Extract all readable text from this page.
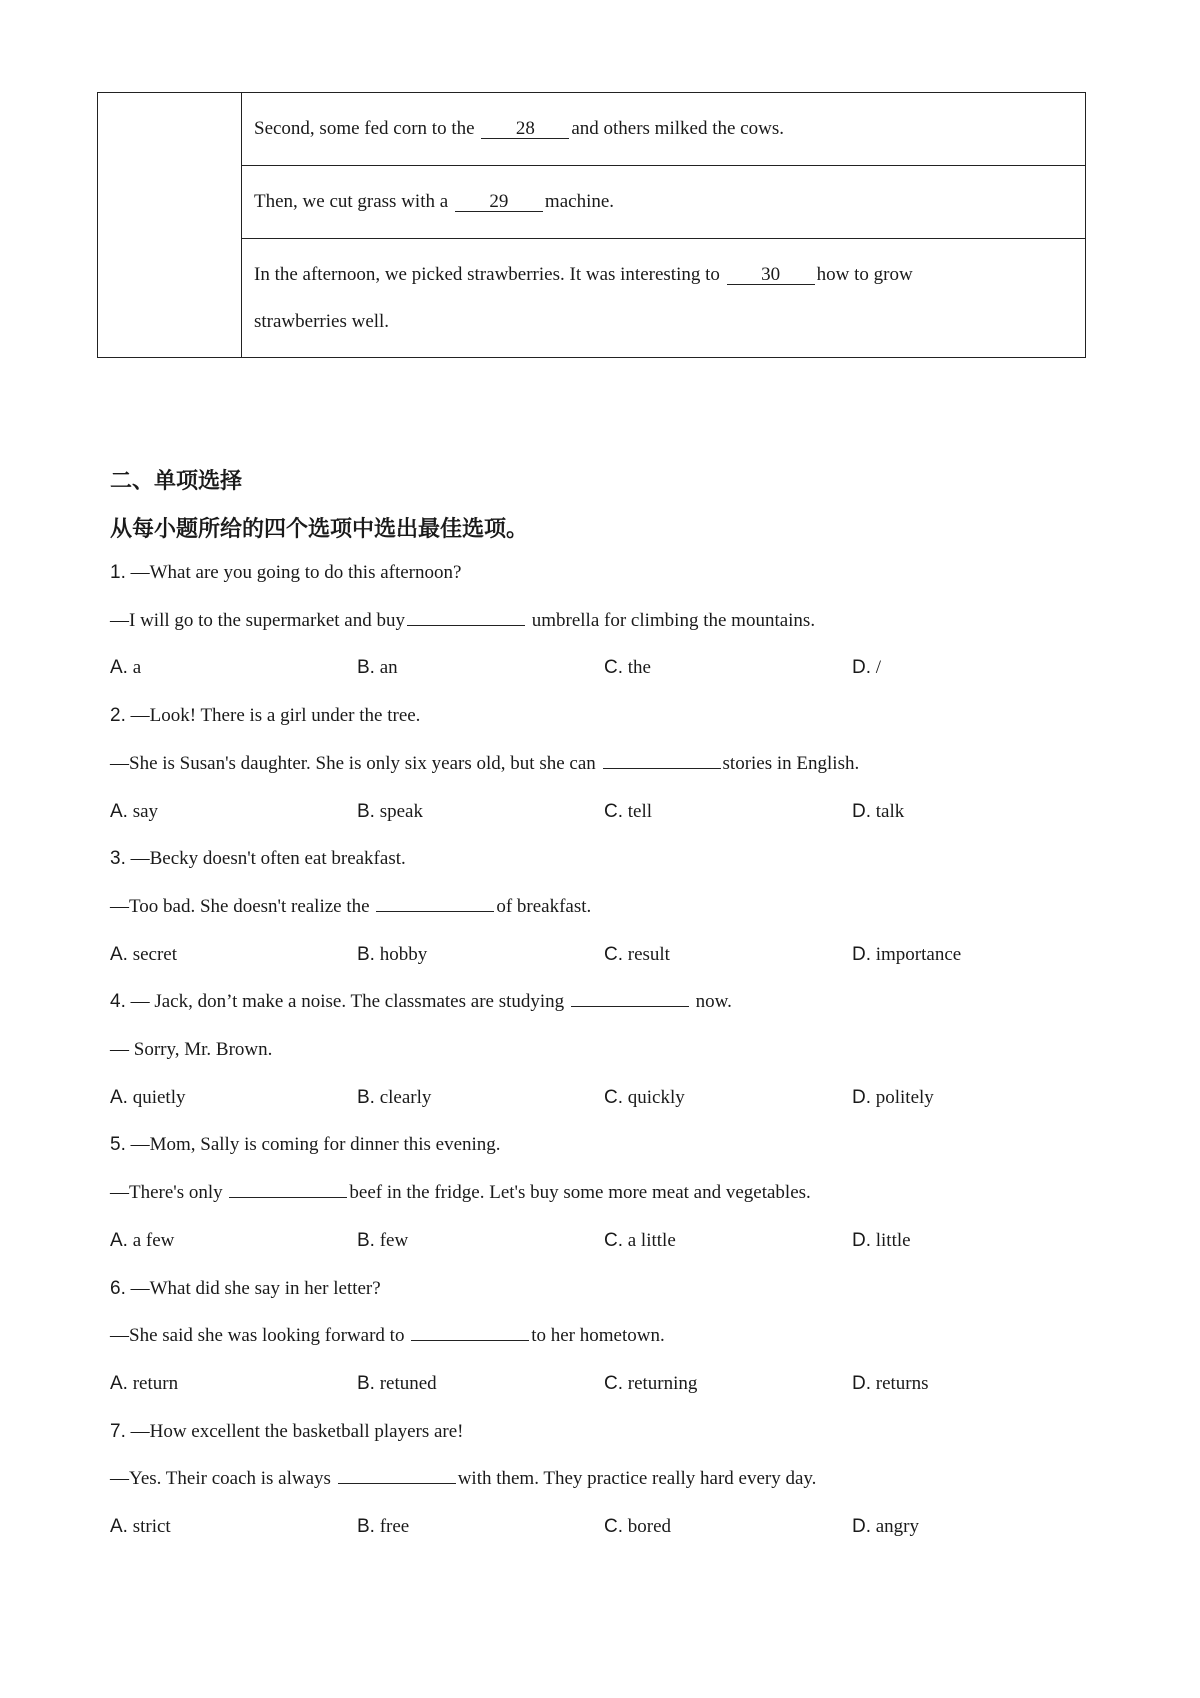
	Second, some fed corn to the 28 and others milked the cows.
Then, we cut grass with a 29 machine.
In the afternoon, we picked strawberries. It was interesting to 30 how to grow
strawberries well.
二、单项选择
从每小题所给的四个选项中选出最佳选项。
1. —What are you going to do this afternoon?
—I will go to the supermarket and buy	umbrella for climbing the mountains.
A. a	B. an	C. the	D. /
2. —Look! There is a girl under the tree.
—She is Susan's daughter. She is only six years old, but she can	stories in English.
A. say	B. speak	C. tell	D. talk
3. —Becky doesn't often eat breakfast.
—Too bad. She doesn't realize the	of breakfast.
A. secret	B. hobby	C. result	D. importance
4. — Jack, don’t make a noise. The classmates are studying	now.
— Sorry, Mr. Brown.
A. quietly	B. clearly	C. quickly	D. politely
5. —Mom, Sally is coming for dinner this evening.
—There's only	beef in the fridge. Let's buy some more meat and vegetables.
A. a few	B. few	C. a little	D. little
6. —What did she say in her letter?
—She said she was looking forward to	to her hometown.
A. return	B. retuned	C. returning	D. returns
7. —How excellent the basketball players are!
—Yes. Their coach is always	with them. They practice really hard every day.
A. strict	B. free	C. bored	D. angry
